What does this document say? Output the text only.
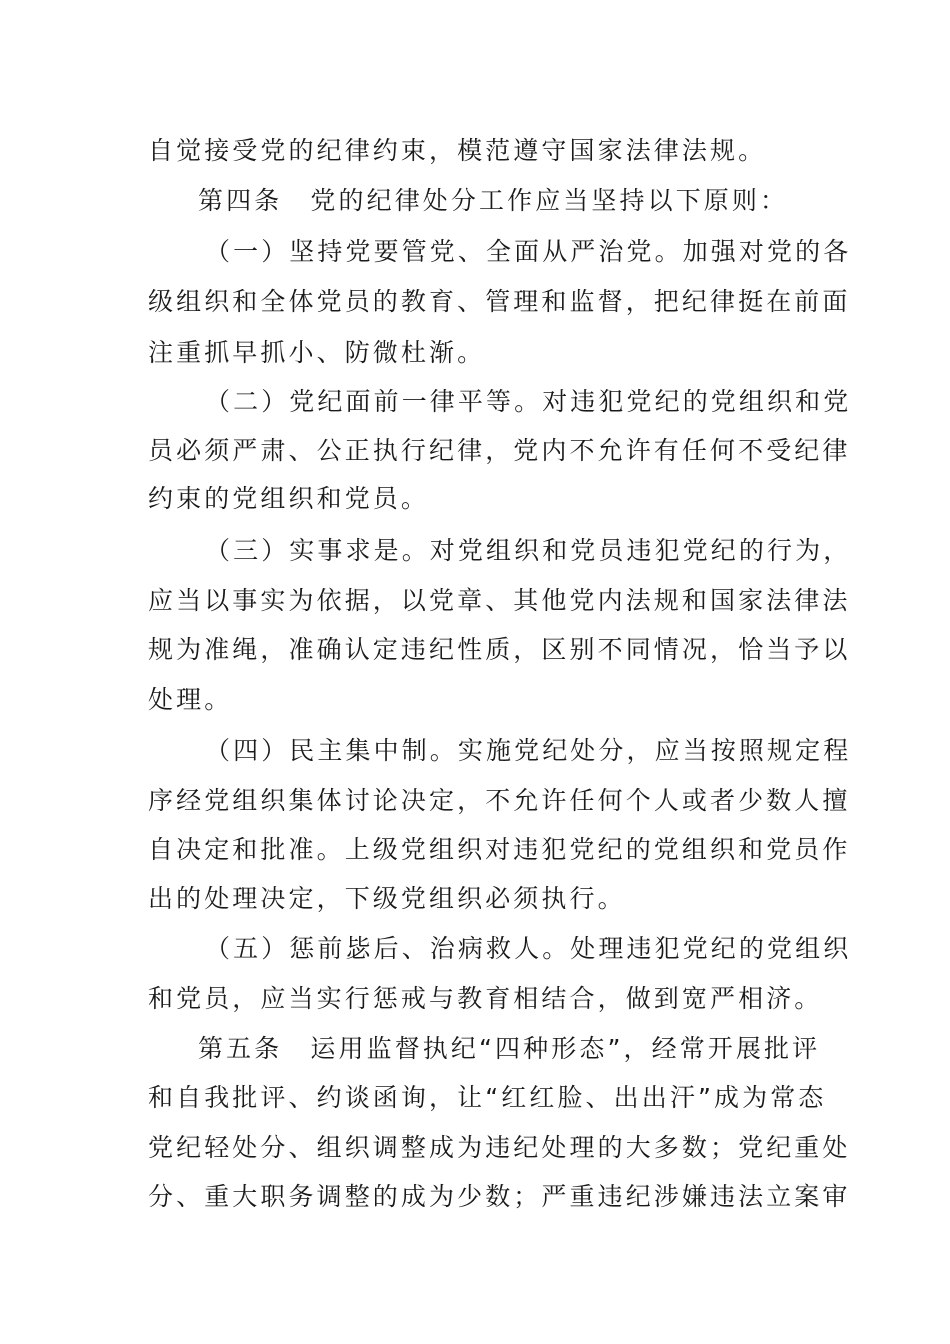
自觉接受党的纪律约束，模范遵守国家法律法规。
第四条　党的纪律处分工作应当坚持以下原则：
（一）坚持党要管党、全面从严治党。加强对党的各
级组织和全体党员的教育、管理和监督，把纪律挺在前面
注重抓早抓小、防微杜渐。
（二）党纪面前一律平等。对违犯党纪的党组织和党
员必须严肃、公正执行纪律，党内不允许有任何不受纪律
约束的党组织和党员。
（三）实事求是。对党组织和党员违犯党纪的行为，
应当以事实为依据，以党章、其他党内法规和国家法律法
规为准绳，准确认定违纪性质，区别不同情况，恰当予以
处理。
（四）民主集中制。实施党纪处分，应当按照规定程
序经党组织集体讨论决定，不允许任何个人或者少数人擅
自决定和批准。上级党组织对违犯党纪的党组织和党员作
出的处理决定，下级党组织必须执行。
（五）惩前毖后、治病救人。处理违犯党纪的党组织
和党员，应当实行惩戒与教育相结合，做到宽严相济。
第五条　运用监督执纪“四种形态”，经常开展批评
和自我批评、约谈函询，让“红红脸、出出汗”成为常态
党纪轻处分、组织调整成为违纪处理的大多数；党纪重处
分、重大职务调整的成为少数；严重违纪涉嫌违法立案审
